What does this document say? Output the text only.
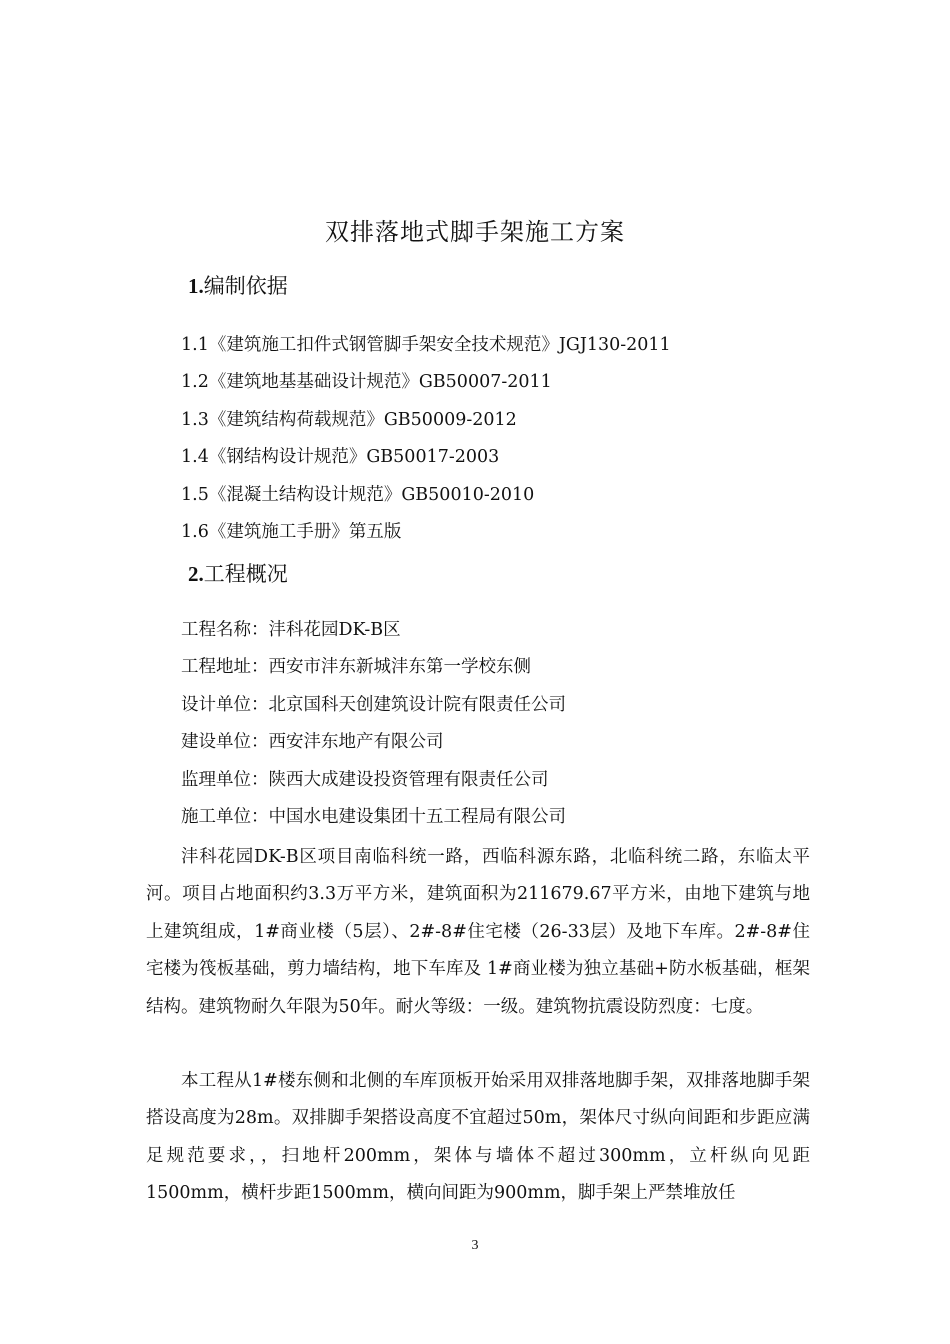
双排落地式脚手架施工方案
1.编制依据
1.1《建筑施工扣件式钢管脚手架安全技术规范》JGJ130-2011
1.2《建筑地基基础设计规范》GB50007-2011
1.3《建筑结构荷载规范》GB50009-2012
1.4《钢结构设计规范》GB50017-2003
1.5《混凝土结构设计规范》GB50010-2010
1.6《建筑施工手册》第五版
2.工程概况
工程名称：沣科花园DK-B区
工程地址：西安市沣东新城沣东第一学校东侧
设计单位：北京国科天创建筑设计院有限责任公司
建设单位：西安沣东地产有限公司
监理单位：陕西大成建设投资管理有限责任公司
施工单位：中国水电建设集团十五工程局有限公司

沣科花园DK-B区项目南临科统一路，西临科源东路，北临科统二路，东临太平河。项目占地面积约3.3万平方米，建筑面积为211679.67平方米，由地下建筑与地上建筑组成，1#商业楼（5层）、2#-8#住宅楼（26-33层）及地下车库。2#-8#住宅楼为筏板基础，剪力墙结构，地下车库及 1#商业楼为独立基础+防水板基础，框架结构。建筑物耐久年限为50年。耐火等级：一级。建筑物抗震设防烈度：七度。

本工程从1#楼东侧和北侧的车库顶板开始采用双排落地脚手架，双排落地脚手架搭设高度为28m。双排脚手架搭设高度不宜超过50m，架体尺寸纵向间距和步距应满足规范要求，，扫地杆200mm，架体与墙体不超过300mm，立杆纵向见距1500mm，横杆步距1500mm，横向间距为900mm，脚手架上严禁堆放任

3
